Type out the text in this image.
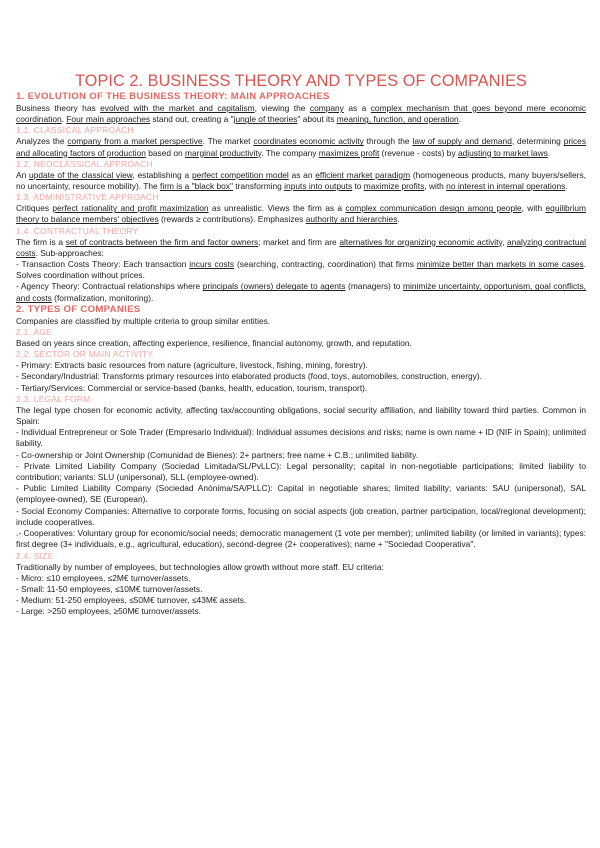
TOPIC 2. BUSINESS THEORY AND TYPES OF COMPANIES
1. EVOLUTION OF THE BUSINESS THEORY: MAIN APPROACHES

Business theory has evolved with the market and capitalism, viewing the company as a complex mechanism that goes beyond mere economic coordination. Four main approaches stand out, creating a "jungle of theories" about its meaning, function, and operation.

1.1. CLASSICAL APPROACH

Analyzes the company from a market perspective. The market coordinates economic activity through the law of supply and demand, determining prices and allocating factors of production based on marginal productivity. The company maximizes profit (revenue - costs) by adjusting to market laws.

1.2. NEOCLASSICAL APPROACH

An update of the classical view, establishing a perfect competition model as an efficient market paradigm (homogeneous products, many buyers/sellers, no uncertainty, resource mobility). The firm is a "black box" transforming inputs into outputs to maximize profits, with no interest in internal operations.

1.3. ADMINISTRATIVE APPROACH

Critiques perfect rationality and profit maximization as unrealistic. Views the firm as a complex communication design among people, with equilibrium theory to balance members' objectives (rewards ≥ contributions). Emphasizes authority and hierarchies.

1.4. CONTRACTUAL THEORY

The firm is a set of contracts between the firm and factor owners; market and firm are alternatives for organizing economic activity, analyzing contractual costs. Sub-approaches:

- Transaction Costs Theory: Each transaction incurs costs (searching, contracting, coordination) that firms minimize better than markets in some cases. Solves coordination without prices.

- Agency Theory: Contractual relationships where principals (owners) delegate to agents (managers) to minimize uncertainty, opportunism, goal conflicts, and costs (formalization, monitoring).

2. TYPES OF COMPANIES

Companies are classified by multiple criteria to group similar entities.

2.1. AGE

Based on years since creation, affecting experience, resilience, financial autonomy, growth, and reputation.

2.2. SECTOR OR MAIN ACTIVITY

- Primary: Extracts basic resources from nature (agriculture, livestock, fishing, mining, forestry).

- Secondary/Industrial: Transforms primary resources into elaborated products (food, toys, automobiles, construction, energy).

- Tertiary/Services: Commercial or service-based (banks, health, education, tourism, transport).

2.3. LEGAL FORM

The legal type chosen for economic activity, affecting tax/accounting obligations, social security affiliation, and liability toward third parties. Common in Spain:

- Individual Entrepreneur or Sole Trader (Empresario Individual): Individual assumes decisions and risks; name is own name + ID (NIF in Spain); unlimited liability.

- Co-ownership or Joint Ownership (Comunidad de Bienes): 2+ partners; free name + C.B.; unlimited liability.

- Private Limited Liability Company (Sociedad Limitada/SL/PvLLC): Legal personality; capital in non-negotiable participations; limited liability to contribution; variants: SLU (unipersonal), SLL (employee-owned).

- Public Limited Liability Company (Sociedad Anónima/SA/PLLC): Capital in negotiable shares; limited liability; variants: SAU (unipersonal), SAL (employee-owned), SE (European).

- Social Economy Companies: Alternative to corporate forms, focusing on social aspects (job creation, partner participation, local/regional development); include cooperatives.

.- Cooperatives: Voluntary group for economic/social needs; democratic management (1 vote per member); unlimited liability (or limited in variants); types: first degree (3+ individuals, e.g., agricultural, education), second-degree (2+ cooperatives); name + "Sociedad Cooperativa".

2.4. SIZE

Traditionally by number of employees, but technologies allow growth without more staff. EU criteria:

- Micro: ≤10 employees, ≤2M€ turnover/assets.

- Small: 11-50 employees, ≤10M€ turnover/assets.

- Medium: 51-250 employees, ≤50M€ turnover, ≤43M€ assets.

- Large: >250 employees, ≥50M€ turnover/assets.
